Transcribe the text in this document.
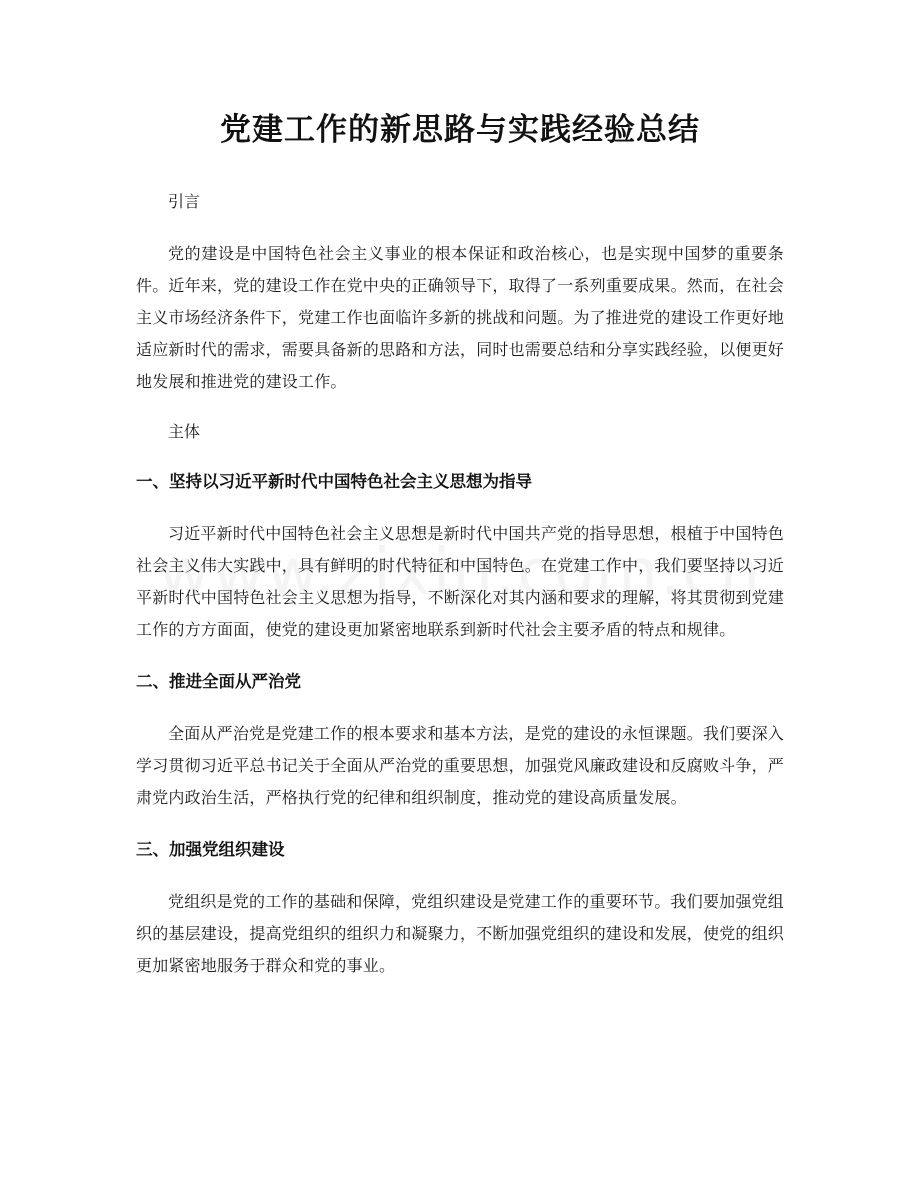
党建工作的新思路与实践经验总结

引言

党的建设是中国特色社会主义事业的根本保证和政治核心，也是实现中国梦的重要条件。近年来，党的建设工作在党中央的正确领导下，取得了一系列重要成果。然而，在社会主义市场经济条件下，党建工作也面临许多新的挑战和问题。为了推进党的建设工作更好地适应新时代的需求，需要具备新的思路和方法，同时也需要总结和分享实践经验，以便更好地发展和推进党的建设工作。

主体

一、坚持以习近平新时代中国特色社会主义思想为指导

习近平新时代中国特色社会主义思想是新时代中国共产党的指导思想，根植于中国特色社会主义伟大实践中，具有鲜明的时代特征和中国特色。在党建工作中，我们要坚持以习近平新时代中国特色社会主义思想为指导，不断深化对其内涵和要求的理解，将其贯彻到党建工作的方方面面，使党的建设更加紧密地联系到新时代社会主要矛盾的特点和规律。

二、推进全面从严治党

全面从严治党是党建工作的根本要求和基本方法，是党的建设的永恒课题。我们要深入学习贯彻习近平总书记关于全面从严治党的重要思想，加强党风廉政建设和反腐败斗争，严肃党内政治生活，严格执行党的纪律和组织制度，推动党的建设高质量发展。

三、加强党组织建设

党组织是党的工作的基础和保障，党组织建设是党建工作的重要环节。我们要加强党组织的基层建设，提高党组织的组织力和凝聚力，不断加强党组织的建设和发展，使党的组织更加紧密地服务于群众和党的事业。
